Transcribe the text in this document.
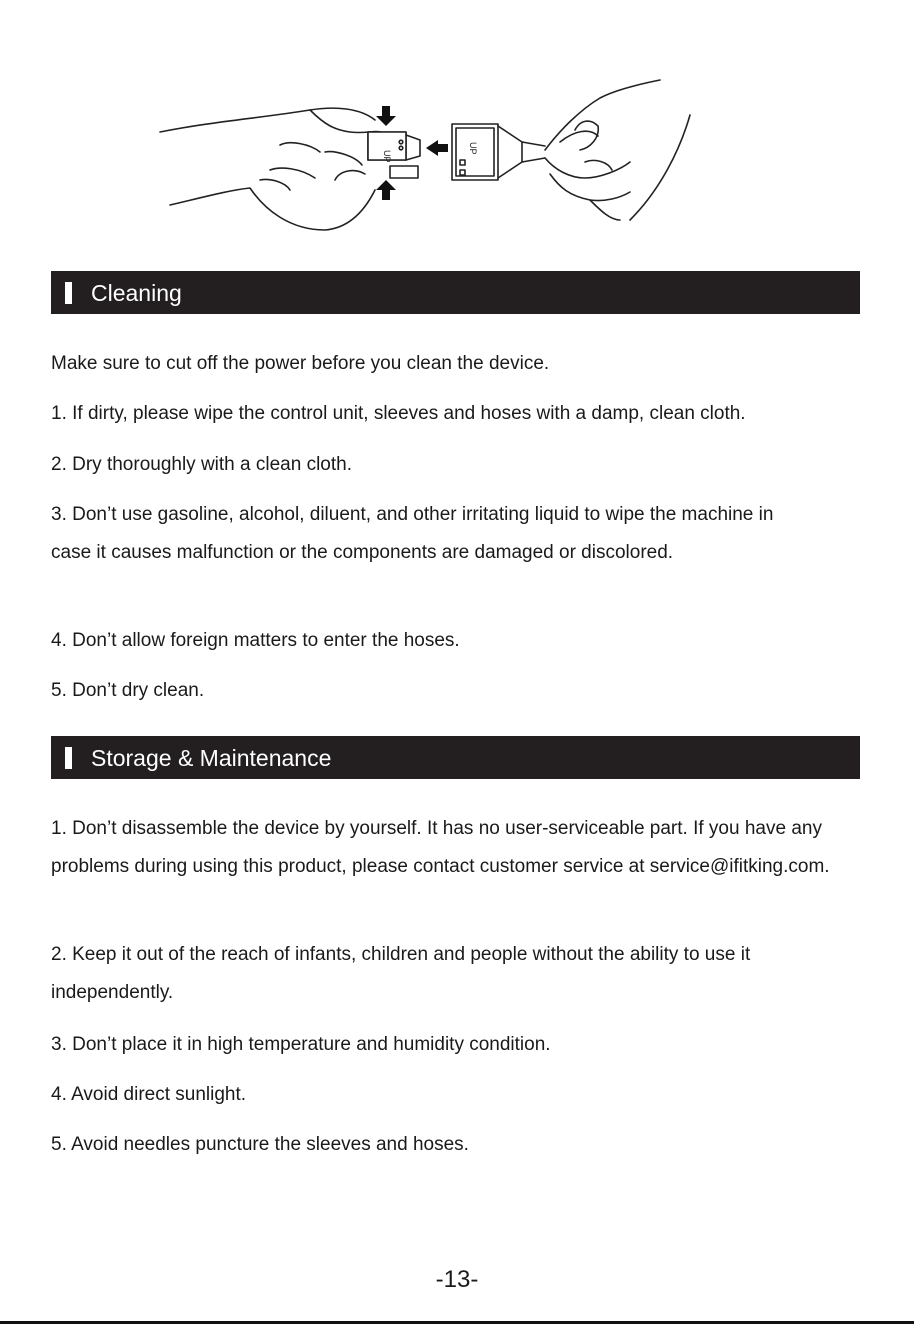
UP
UP
Cleaning

Make sure to cut off the power before you clean the device.

1. If dirty, please wipe the control unit, sleeves and hoses with a damp, clean cloth.

2. Dry thoroughly with a clean cloth.

3. Don’t use gasoline, alcohol, diluent, and other irritating liquid to wipe the machine in case it causes malfunction or the components are damaged or discolored.

4. Don’t allow foreign matters to enter the hoses.

5. Don’t dry clean.

Storage & Maintenance

1. Don’t disassemble the device by yourself. It has no user-serviceable part. If you have any problems during using this product, please contact customer service at service@ifitking.com.

2. Keep it out of the reach of infants, children and people without the ability to use it independently.

3. Don’t place it in high temperature and humidity condition.

4. Avoid direct sunlight.

5. Avoid needles puncture the sleeves and hoses.

-13-
